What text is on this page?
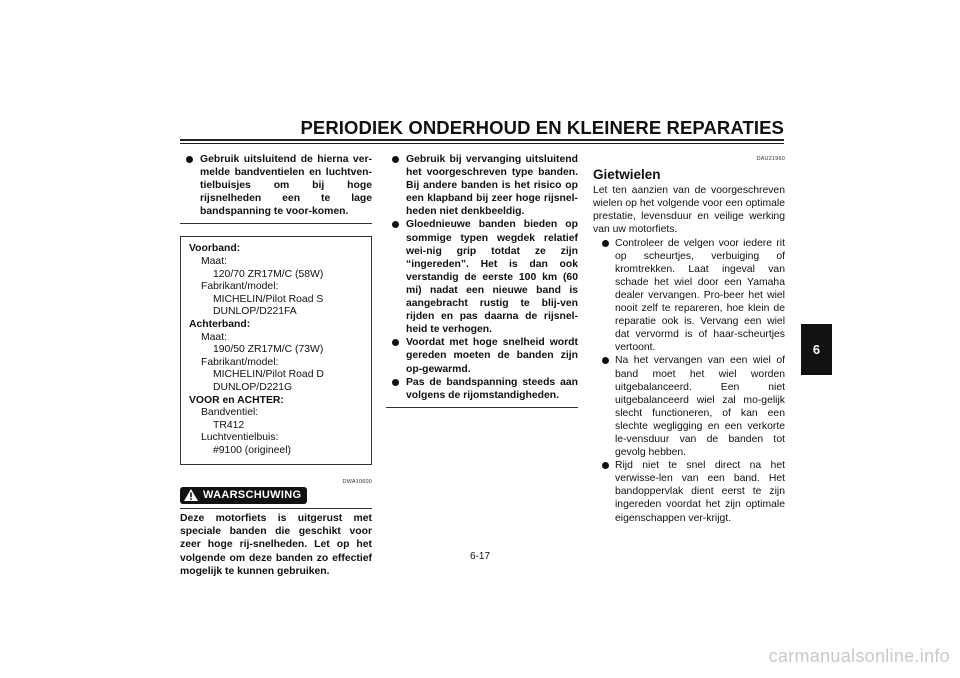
PERIODIEK ONDERHOUD EN KLEINERE REPARATIES
Gebruik uitsluitend de hierna ver-melde bandventielen en luchtven-tielbuisjes om bij hoge rijsnelheden een te lage bandspanning te voor-komen.
Voorband:
Maat:
120/70 ZR17M/C (58W)
Fabrikant/model:
MICHELIN/Pilot Road S
DUNLOP/D221FA
Achterband:
Maat:
190/50 ZR17M/C (73W)
Fabrikant/model:
MICHELIN/Pilot Road D
DUNLOP/D221G
VOOR en ACHTER:
Bandventiel:
TR412
Luchtventielbuis:
#9100 (origineel)
DWA10600
WAARSCHUWING
Deze motorfiets is uitgerust met speciale banden die geschikt voor zeer hoge rij-snelheden. Let op het volgende om deze banden zo effectief mogelijk te kunnen gebruiken.
Gebruik bij vervanging uitsluitend het voorgeschreven type banden. Bij andere banden is het risico op een klapband bij zeer hoge rijsnel-heden niet denkbeeldig.
Gloednieuwe banden bieden op sommige typen wegdek relatief wei-nig grip totdat ze zijn “ingereden”. Het is dan ook verstandig de eerste 100 km (60 mi) nadat een nieuwe band is aangebracht rustig te blij-ven rijden en pas daarna de rijsnel-heid te verhogen.
Voordat met hoge snelheid wordt gereden moeten de banden zijn op-gewarmd.
Pas de bandspanning steeds aan volgens de rijomstandigheden.
DAU21960
Gietwielen
Let ten aanzien van de voorgeschreven wielen op het volgende voor een optimale prestatie, levensduur en veilige werking van uw motorfiets.
Controleer de velgen voor iedere rit op scheurtjes, verbuiging of kromtrekken. Laat ingeval van schade het wiel door een Yamaha dealer vervangen. Pro-beer het wiel nooit zelf te repareren, hoe klein de reparatie ook is. Vervang een wiel dat vervormd is of haar-scheurtjes vertoont.
Na het vervangen van een wiel of band moet het wiel worden uitgebalanceerd. Een niet uitgebalanceerd wiel zal mo-gelijk slecht functioneren, of kan een slechte wegligging en een verkorte le-vensduur van de banden tot gevolg hebben.
Rijd niet te snel direct na het verwisse-len van een band. Het bandoppervlak dient eerst te zijn ingereden voordat het zijn optimale eigenschappen ver-krijgt.
6
6-17
carmanualsonline.info
